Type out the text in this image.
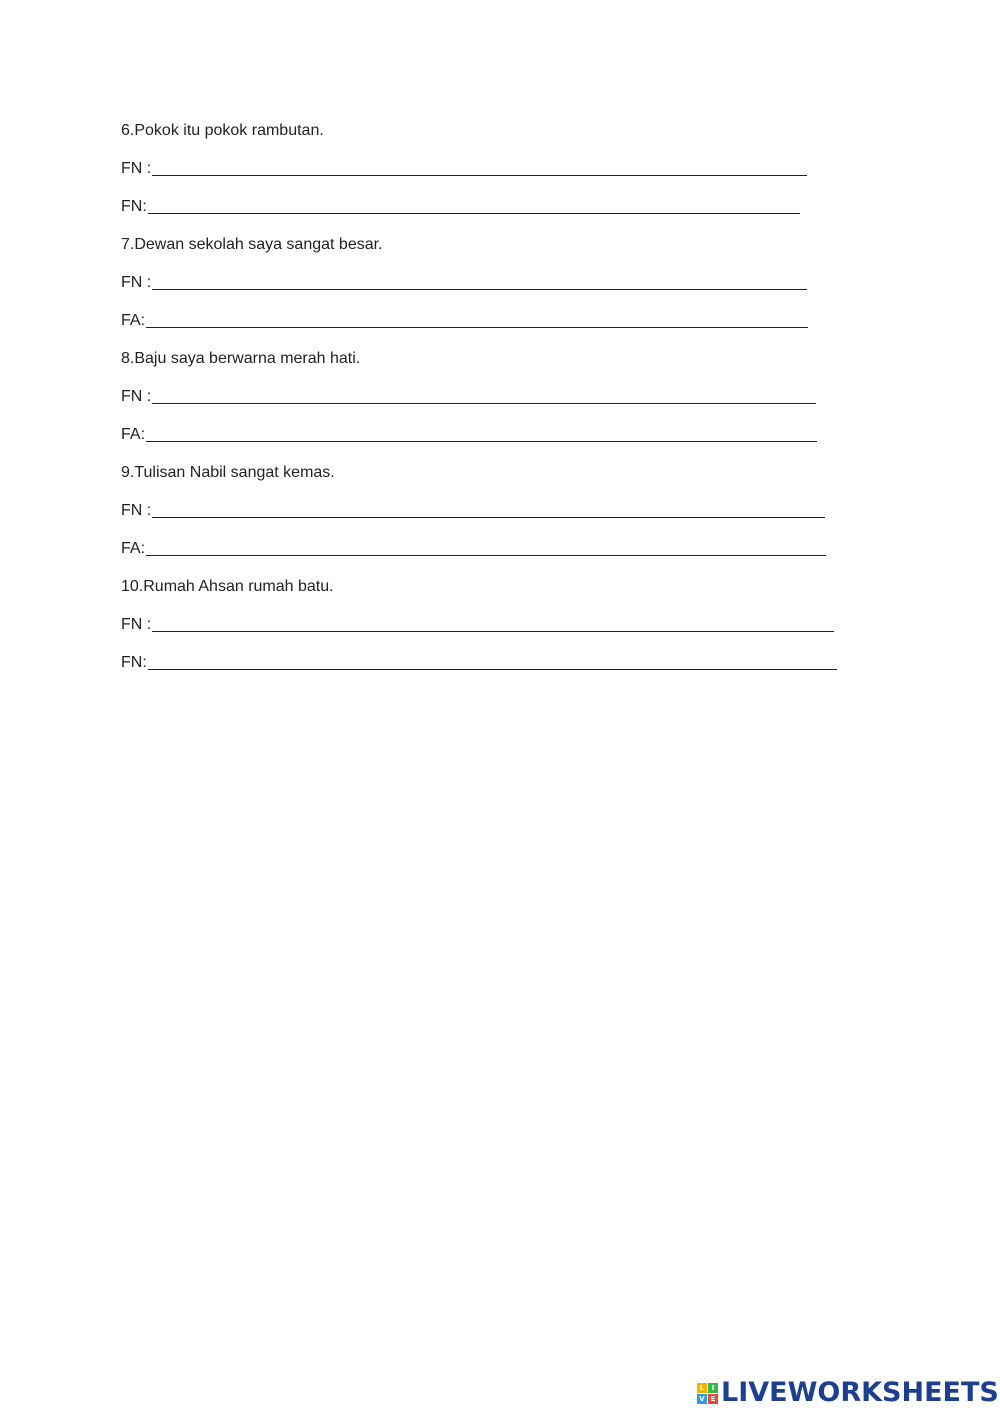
6.Pokok itu pokok rambutan.
FN :
FN:
7.Dewan sekolah saya sangat besar.
FN :
FA:
8.Baju saya berwarna merah hati.
FN :
FA:
9.Tulisan Nabil sangat kemas.
FN :
FA:
10.Rumah Ahsan rumah batu.
FN :
FN:
L	I
V E LIVEWORKSHEETS
